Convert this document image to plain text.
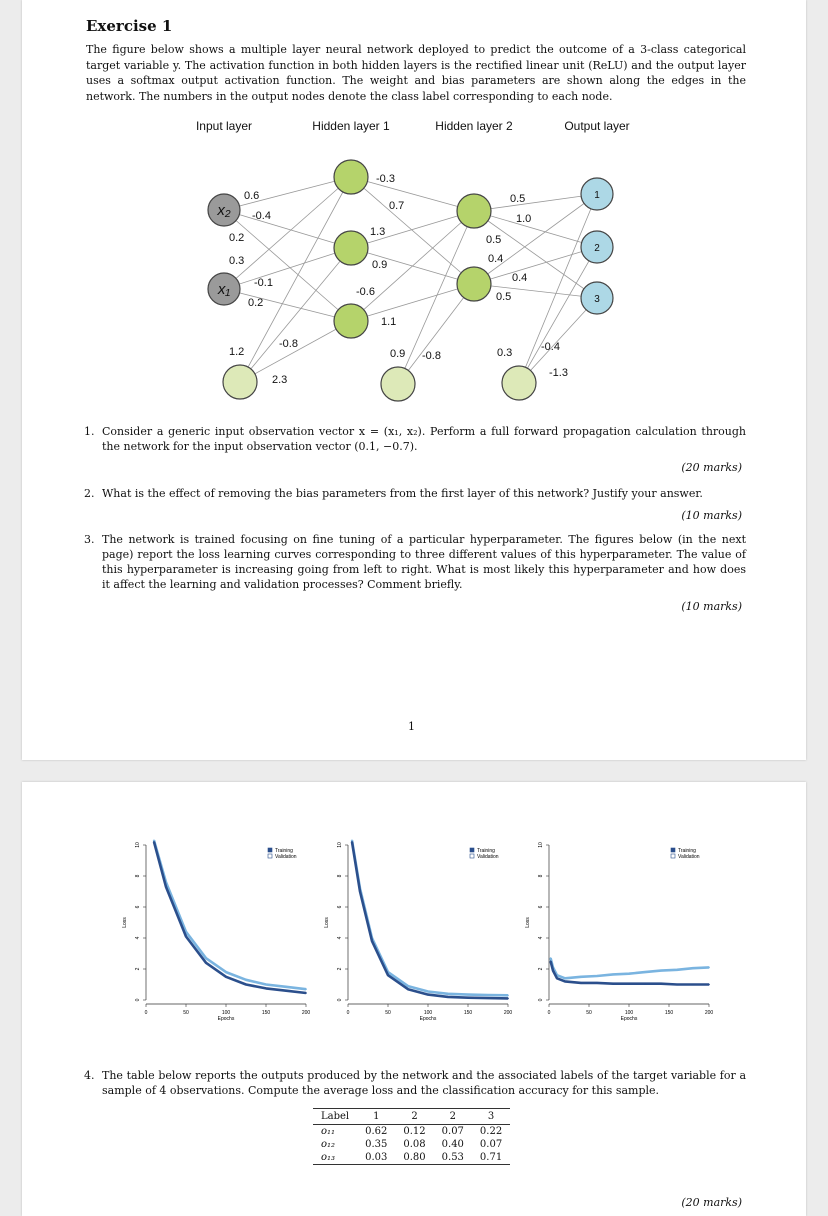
Exercise 1
The figure below shows a multiple layer neural network deployed to predict the outcome of a 3-class categorical target variable y. The activation function in both hidden layers is the rectified linear unit (ReLU) and the output layer uses a softmax output activation function. The weight and bias parameters are shown along the edges in the network. The numbers in the output nodes denote the class label corresponding to each node.
Input layer	Hidden layer 1	Hidden layer 2	Output layer
x₂
x₁
1
2
3
-0.3
0.6
-0.4
0.7
0.2	1.3
0.3	0.9
-0.1
-0.6
0.2
1.1
1.2
-0.8
2.3
0.5
1.0
0.5
0.4
0.4
0.5
0.9 -0.8	0.3	-0.4
-1.3
1. Consider a generic input observation vector x = (x₁, x₂). Perform a full forward propagation calculation through the network for the input observation vector (0.1, −0.7).
(20 marks)
2. What is the effect of removing the bias parameters from the first layer of this network? Justify your answer.
(10 marks)
3. The network is trained focusing on fine tuning of a particular hyperparameter. The figures below (in the next page) report the loss learning curves corresponding to three different values of this hyperparameter. The value of this hyperparameter is increasing going from left to right. What is most likely this hyperparameter and how does it affect the learning and validation processes? Comment briefly.
(10 marks)
1
0
2
4
6
8
10
0	50	100	150	200
Epochs
Loss
Training
Validation
0
2
4
6
8
10
0	50	100	150	200
Epochs
Loss
Training
Validation
0
2
4
6
8
10
0	50	100	150	200
Epochs
Loss
Training
Validation
4. The table below reports the outputs produced by the network and the associated labels of the target variable for a sample of 4 observations. Compute the average loss and the classification accuracy for this sample.
Label	1	2	2	3
o₁₁	0.62	0.12	0.07	0.22
o₁₂	0.35	0.08	0.40	0.07
o₁₃	0.03	0.80	0.53	0.71
(20 marks)
